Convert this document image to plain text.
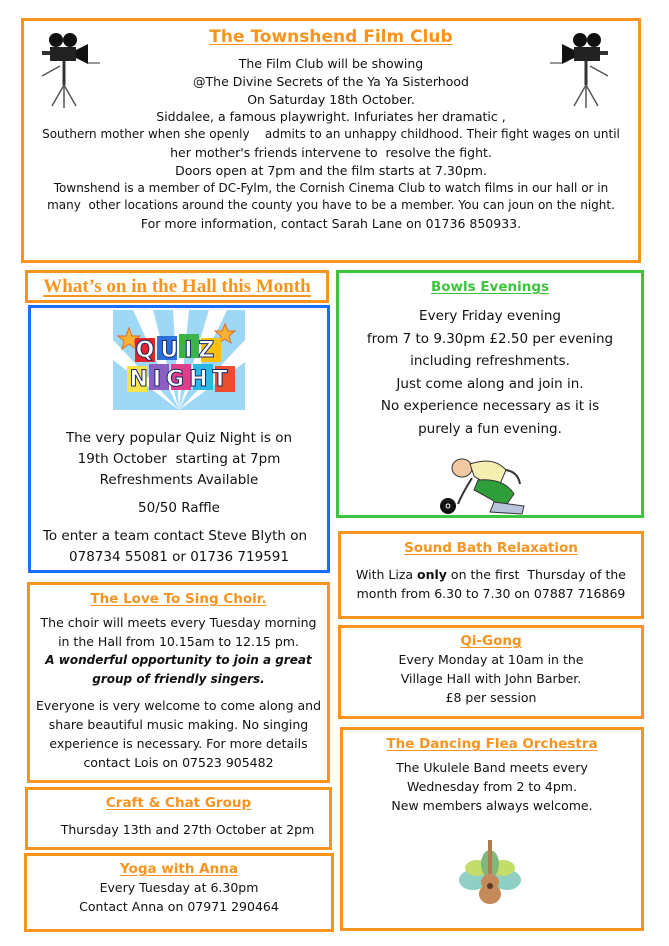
The Townshend Film Club

The Film Club will be showing

@The Divine Secrets of the Ya Ya Sisterhood

On Saturday 18th October.

Siddalee, a famous playwright. Infuriates her dramatic ,

Southern mother when she openly    admits to an unhappy childhood. Their fight wages on until

her mother's friends intervene to  resolve the fight.

Doors open at 7pm and the film starts at 7.30pm.

Townshend is a member of DC-Fylm, the Cornish Cinema Club to watch films in our hall or in

many  other locations around the county you have to be a member. You can joun on the night.

For more information, contact Sarah Lane on 01736 850933.

What’s on in the Hall this Month
QUIZ
NIGHT

The very popular Quiz Night is on

19th October  starting at 7pm

Refreshments Available

50/50 Raffle

To enter a team contact Steve Blyth on

078734 55081 or 01736 719591

Bowls Evenings

Every Friday evening

from 7 to 9.30pm £2.50 per evening

including refreshments.

Just come along and join in.

No experience necessary as it is

purely a fun evening.

Sound Bath Relaxation

With Liza only on the first  Thursday of the

month from 6.30 to 7.30 on 07887 716869

Qi-Gong

Every Monday at 10am in the

Village Hall with John Barber.

£8 per session

The Dancing Flea Orchestra

The Ukulele Band meets every

Wednesday from 2 to 4pm.

New members always welcome.

The Love To Sing Choir.

The choir will meets every Tuesday morning

in the Hall from 10.15am to 12.15 pm.

A wonderful opportunity to join a great

group of friendly singers.

Everyone is very welcome to come along and

share beautiful music making. No singing

experience is necessary. For more details

contact Lois on 07523 905482

Craft & Chat Group

Thursday 13th and 27th October at 2pm

Yoga with Anna

Every Tuesday at 6.30pm

Contact Anna on 07971 290464
